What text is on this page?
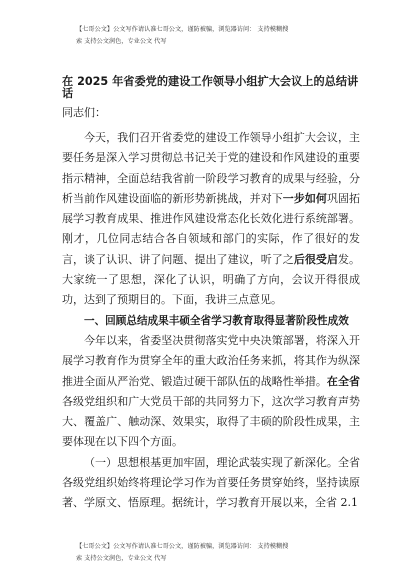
【七哥公文】公文写作请认准七哥公文，谨防被骗，浏览器访问： 支持模糊搜
索 支持公文润色，专业公文 代写
在 2025 年省委党的建设工作领导小组扩大会议上的总结讲话

同志们：

今天，我们召开省委党的建设工作领导小组扩大会议，主要任务是深入学习贯彻总书记关于党的建设和作风建设的重要指示精神，全面总结我省前一阶段学习教育的成果与经验，分析当前作风建设面临的新形势新挑战，并对下一步如何巩固拓展学习教育成果、推进作风建设常态化长效化进行系统部署。刚才，几位同志结合各自领域和部门的实际，作了很好的发言，谈了认识、讲了问题、提出了建议，听了之后很受启发。大家统一了思想，深化了认识，明确了方向，会议开得很成功，达到了预期目的。下面，我讲三点意见。

一、回顾总结成果丰硕全省学习教育取得显著阶段性成效

今年以来，省委坚决贯彻落实党中央决策部署，将深入开展学习教育作为贯穿全年的重大政治任务来抓，将其作为纵深推进全面从严治党、锻造过硬干部队伍的战略性举措。在全省各级党组织和广大党员干部的共同努力下，这次学习教育声势大、覆盖广、触动深、效果实，取得了丰硕的阶段性成果，主要体现在以下四个方面。

（一）思想根基更加牢固，理论武装实现了新深化。全省各级党组织始终将理论学习作为首要任务贯穿始终，坚持读原著、学原文、悟原理。据统计，学习教育开展以来，全省 2.1

【七哥公文】公文写作请认准七哥公文，谨防被骗，浏览器访问： 支持模糊搜
索 支持公文润色，专业公文 代写
